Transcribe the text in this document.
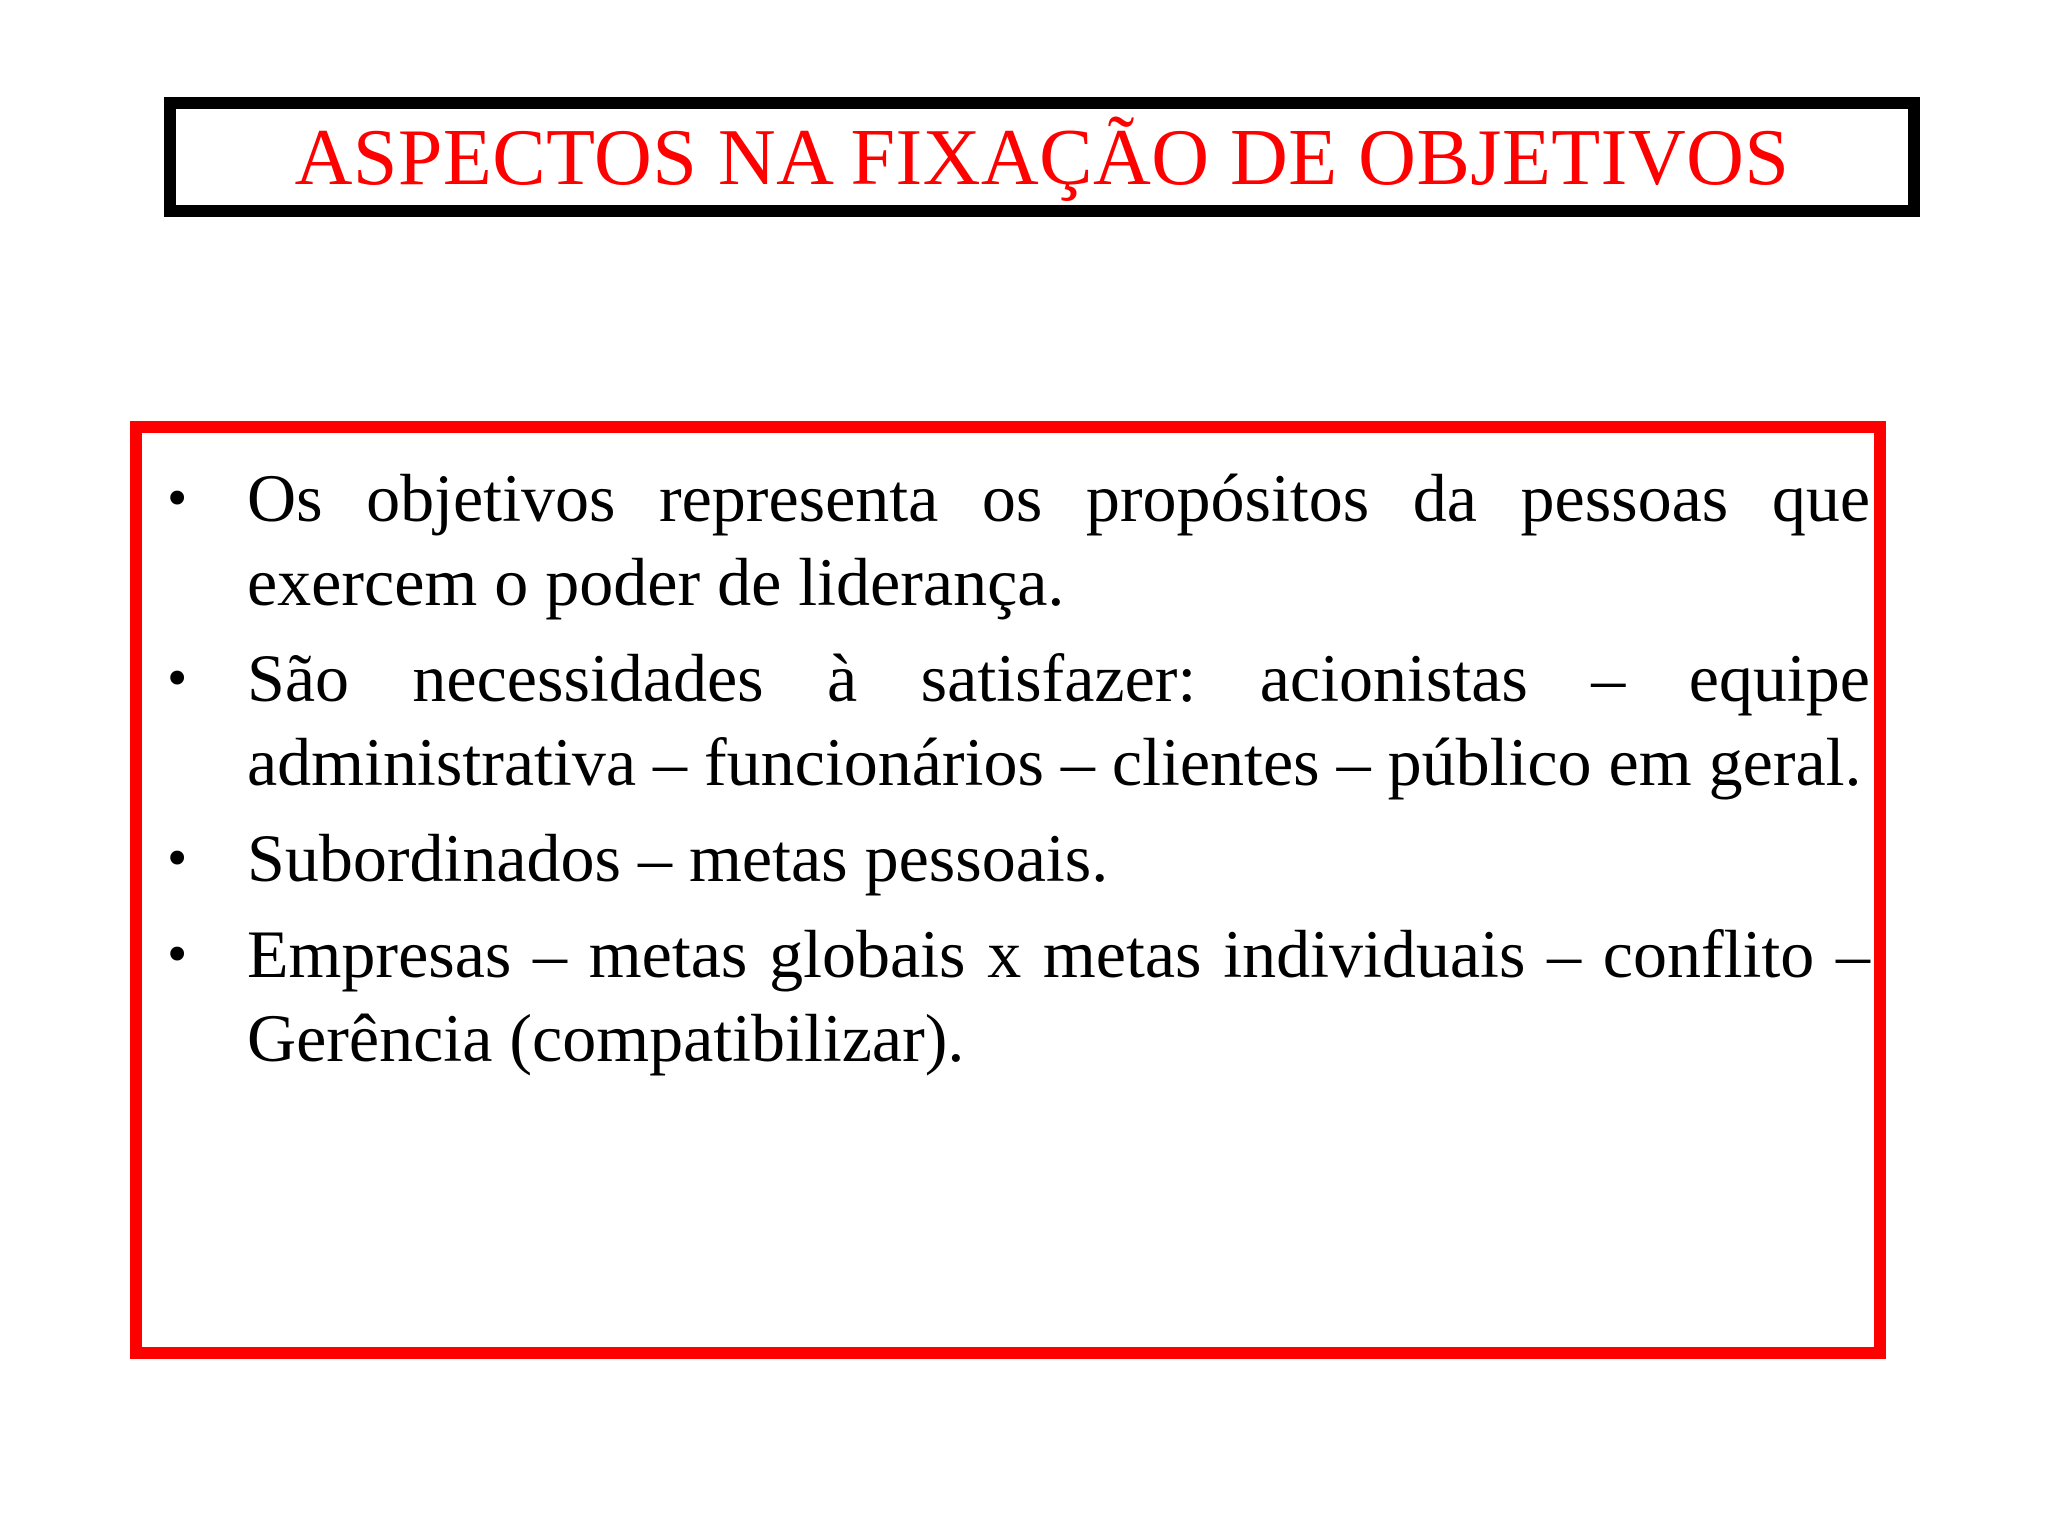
ASPECTOS NA FIXAÇÃO DE OBJETIVOS
• Os objetivos representa os propósitos da pessoas que exercem o poder de liderança.
• São necessidades à satisfazer: acionistas – equipe administrativa – funcionários – clientes – público em geral.
• Subordinados – metas pessoais.
• Empresas – metas globais x metas individuais – conflito – Gerência (compatibilizar).
